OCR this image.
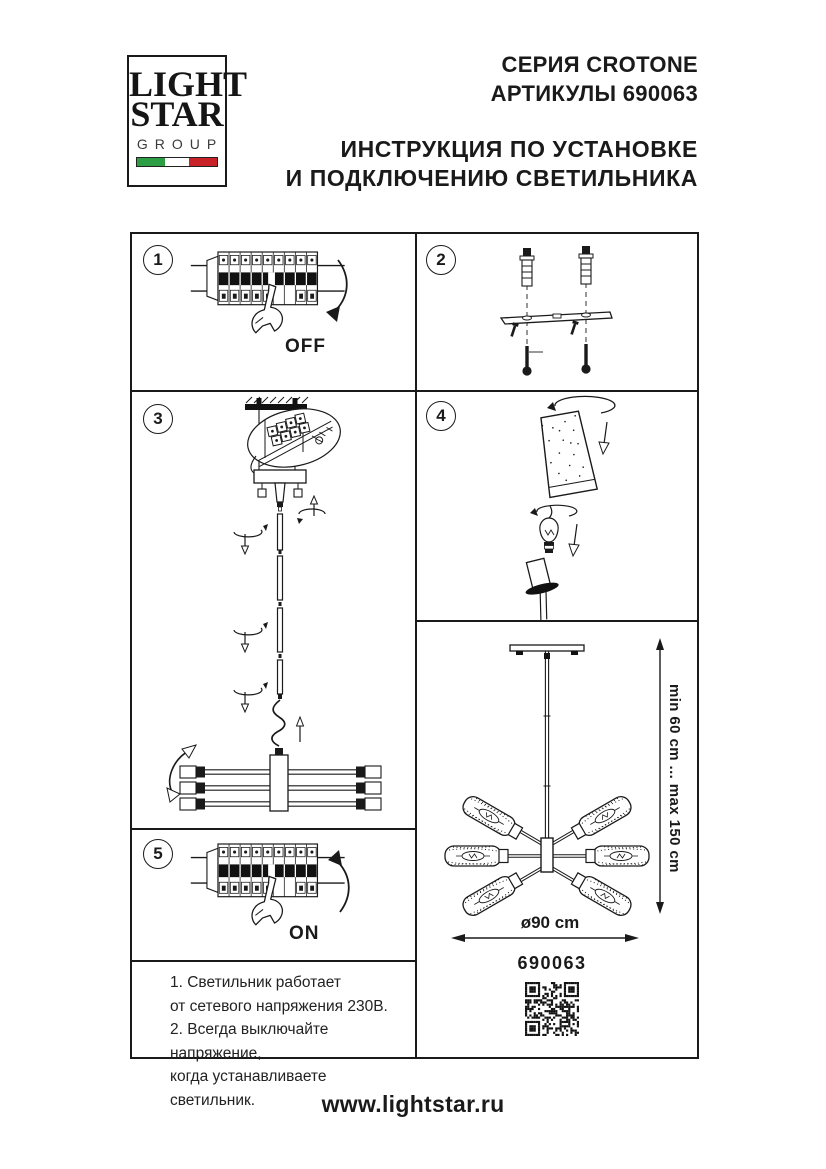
LIGHT
STAR
GROUP
СЕРИЯ CROTONE
АРТИКУЛЫ 690063
ИНСТРУКЦИЯ ПО УСТАНОВКЕ
И ПОДКЛЮЧЕНИЮ СВЕТИЛЬНИКА
1
OFF
2
3	4
5
ON
1. Светильник работает
от сетевого напряжения 230В.
2. Всегда выключайте напряжение,
когда устанавливаете светильник.
min 60 cm ... max 150 cm
ø90 cm
690063
www.lightstar.ru
